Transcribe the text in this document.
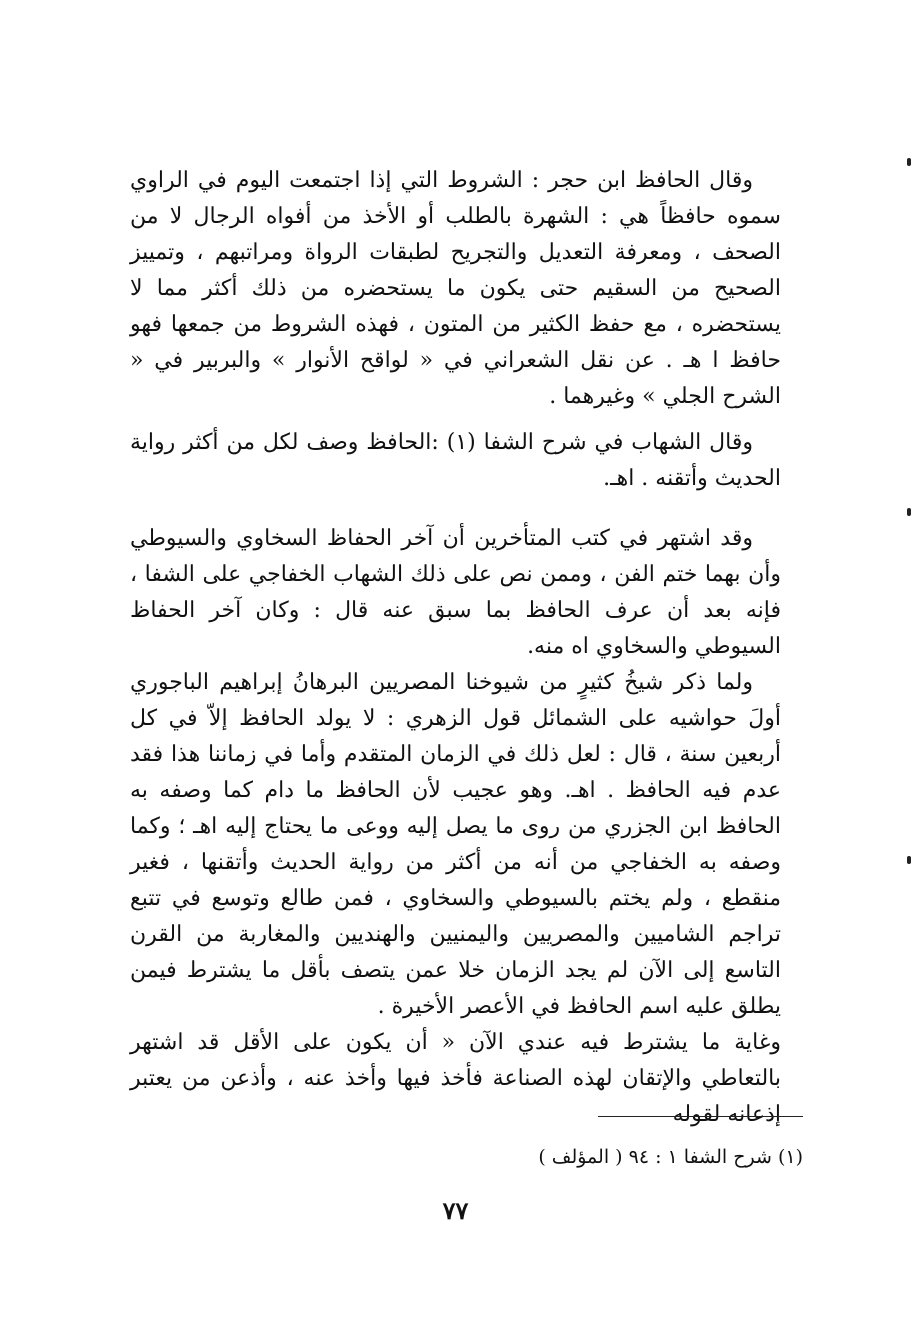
وقال الحافظ ابن حجر : الشروط التي إذا اجتمعت اليوم في الراوي سموه حافظاً هي : الشهرة بالطلب أو الأخذ من أفواه الرجال لا من الصحف ، ومعرفة التعديل والتجريح لطبقات الرواة ومراتبهم ، وتمييز الصحيح من السقيم حتى يكون ما يستحضره من ذلك أكثر مما لا يستحضره ، مع حفظ الكثير من المتون ، فهذه الشروط من جمعها فهو حافظ ا هـ . عن نقل الشعراني في « لواقح الأنوار » والبربير في « الشرح الجلي » وغيرهما .

وقال الشهاب في شرح الشفا (١) :الحافظ وصف لكل من أكثر رواية الحديث وأتقنه . اهـ.

وقد اشتهر في كتب المتأخرين أن آخر الحفاظ السخاوي والسيوطي وأن بهما ختم الفن ، وممن نص على ذلك الشهاب الخفاجي على الشفا ، فإنه بعد أن عرف الحافظ بما سبق عنه قال : وكان آخر الحفاظ السيوطي والسخاوي اه منه.

ولما ذكر شيخُ كثيرٍ من شيوخنا المصريين البرهانُ إبراهيم الباجوري أولَ حواشيه على الشمائل قول الزهري : لا يولد الحافظ إلاّ في كل أربعين سنة ، قال : لعل ذلك في الزمان المتقدم وأما في زماننا هذا فقد عدم فيه الحافظ . اهـ. وهو عجيب لأن الحافظ ما دام كما وصفه به الحافظ ابن الجزري من روى ما يصل إليه ووعى ما يحتاج إليه اهـ ؛ وكما وصفه به الخفاجي من أنه من أكثر من رواية الحديث وأتقنها ، فغير منقطع ، ولم يختم بالسيوطي والسخاوي ، فمن طالع وتوسع في تتبع تراجم الشاميين والمصريين واليمنيين والهنديين والمغاربة من القرن التاسع إلى الآن لم يجد الزمان خلا عمن يتصف بأقل ما يشترط فيمن يطلق عليه اسم الحافظ في الأعصر الأخيرة .

وغاية ما يشترط فيه عندي الآن « أن يكون على الأقل قد اشتهر بالتعاطي والإتقان لهذه الصناعة فأخذ فيها وأخذ عنه ، وأذعن من يعتبر إذعانه لقوله

(١) شرح الشفا ١ : ٩٤ ( المؤلف )
٧٧
